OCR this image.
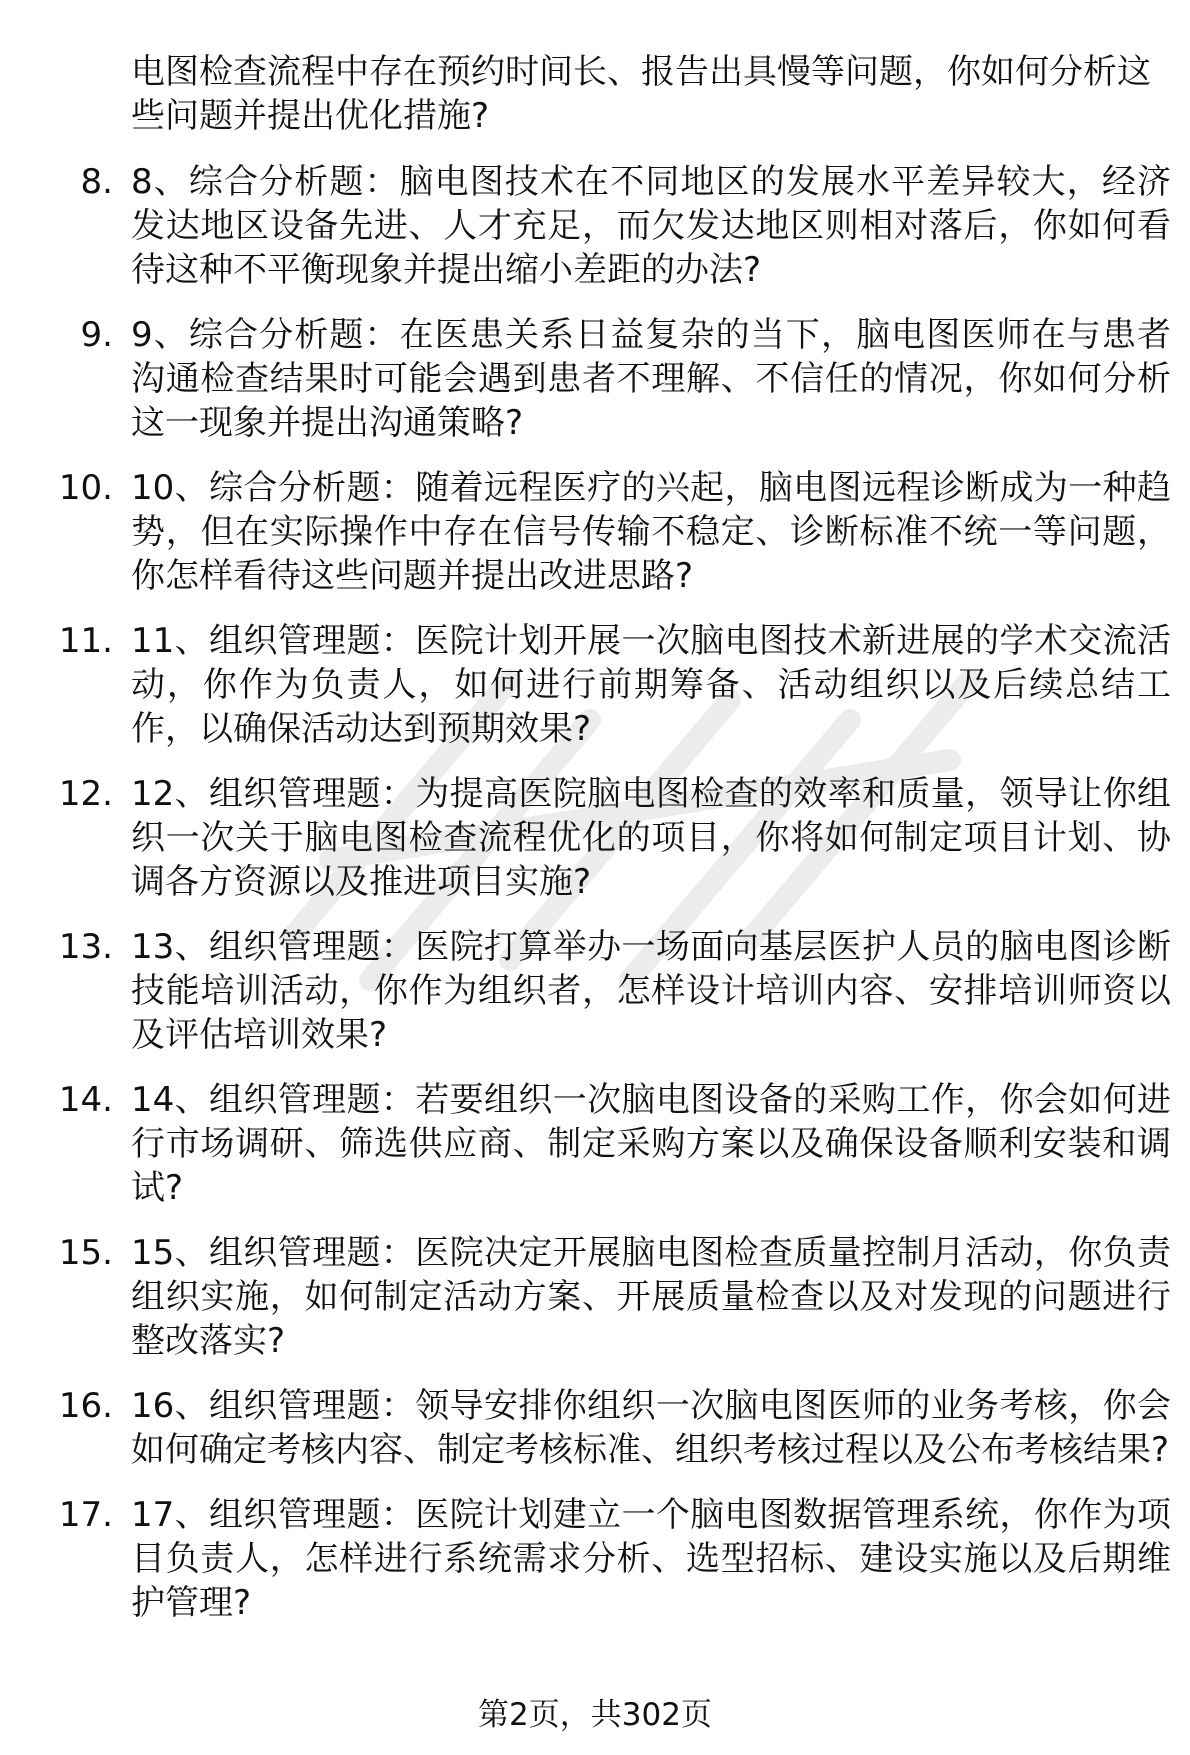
电图检查流程中存在预约时间长、报告出具慢等问题，你如何分析这些问题并提出优化措施?

8. 8、综合分析题：脑电图技术在不同地区的发展水平差异较大，经济发达地区设备先进、人才充足，而欠发达地区则相对落后，你如何看待这种不平衡现象并提出缩小差距的办法?
9. 9、综合分析题：在医患关系日益复杂的当下，脑电图医师在与患者沟通检查结果时可能会遇到患者不理解、不信任的情况，你如何分析这一现象并提出沟通策略?
10. 10、综合分析题：随着远程医疗的兴起，脑电图远程诊断成为一种趋势，但在实际操作中存在信号传输不稳定、诊断标准不统一等问题，你怎样看待这些问题并提出改进思路?
11. 11、组织管理题：医院计划开展一次脑电图技术新进展的学术交流活动，你作为负责人，如何进行前期筹备、活动组织以及后续总结工作，以确保活动达到预期效果?
12. 12、组织管理题：为提高医院脑电图检查的效率和质量，领导让你组织一次关于脑电图检查流程优化的项目，你将如何制定项目计划、协调各方资源以及推进项目实施?
13. 13、组织管理题：医院打算举办一场面向基层医护人员的脑电图诊断技能培训活动，你作为组织者，怎样设计培训内容、安排培训师资以及评估培训效果?
14. 14、组织管理题：若要组织一次脑电图设备的采购工作，你会如何进行市场调研、筛选供应商、制定采购方案以及确保设备顺利安装和调试?
15. 15、组织管理题：医院决定开展脑电图检查质量控制月活动，你负责组织实施，如何制定活动方案、开展质量检查以及对发现的问题进行整改落实?
16. 16、组织管理题：领导安排你组织一次脑电图医师的业务考核，你会如何确定考核内容、制定考核标准、组织考核过程以及公布考核结果?
17. 17、组织管理题：医院计划建立一个脑电图数据管理系统，你作为项目负责人，怎样进行系统需求分析、选型招标、建设实施以及后期维护管理?
第2页，共302页
